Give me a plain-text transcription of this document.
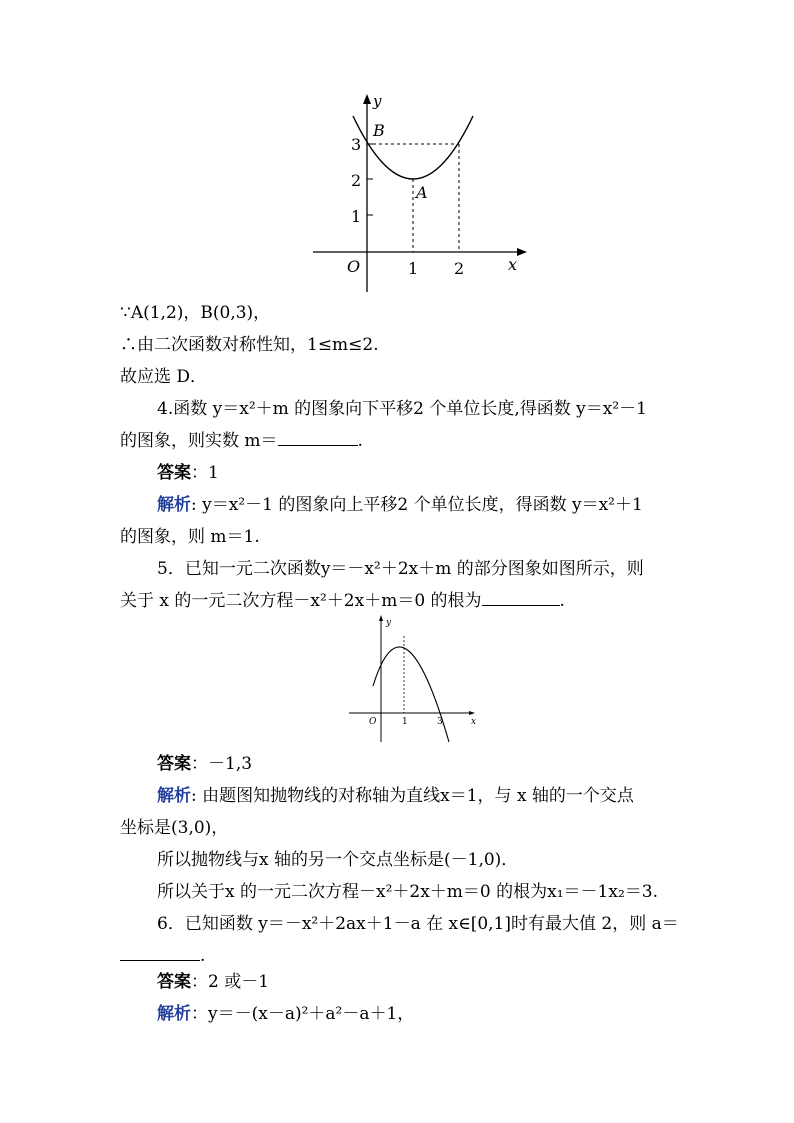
y
B
A
3
2
1
O	1 2	x
∵A(1,2)，B(0,3)，
∴由二次函数对称性知，1≤m≤2.
故应选 D．
4.函数 y＝x²＋m 的图象向下平移2 个单位长度,得函数 y＝x²－1
的图象，则实数 m＝	.
答案：1
解析: y＝x²－1 的图象向上平移2 个单位长度，得函数 y＝x²＋1
的图象，则 m＝1.
5．已知一元二次函数y＝－x²＋2x＋m 的部分图象如图所示，则
关于 x 的一元二次方程－x²＋2x＋m＝0 的根为	.
y
O	1	3	x
答案：－1,3
解析: 由题图知抛物线的对称轴为直线x＝1，与 x 轴的一个交点
坐标是(3,0)，
所以抛物线与x 轴的另一个交点坐标是(－1,0)．
所以关于x 的一元二次方程－x²＋2x＋m＝0 的根为x₁＝－1x₂＝3.
6．已知函数 y＝－x²＋2ax＋1－a 在 x∈[0,1]时有最大值 2，则 a＝
.
答案：2 或－1
解析：y＝－(x－a)²＋a²－a＋1，
